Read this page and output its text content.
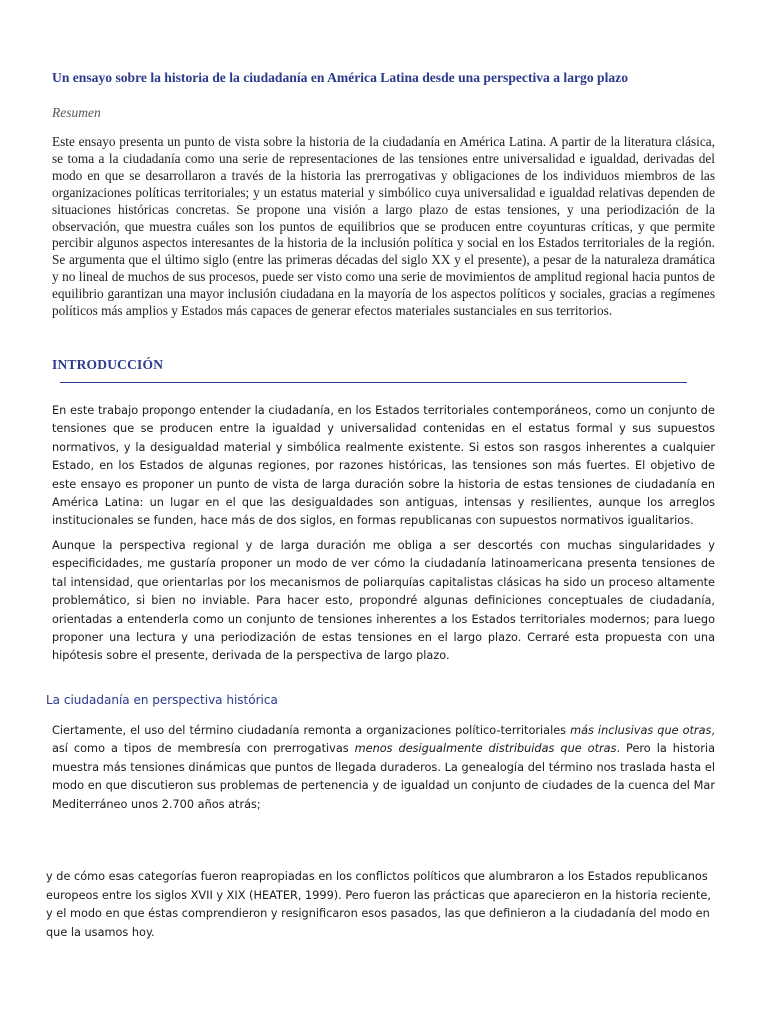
Un ensayo sobre la historia de la ciudadanía en América Latina desde una perspectiva a largo plazo
Resumen

Este ensayo presenta un punto de vista sobre la historia de la ciudadanía en América Latina. A partir de la literatura clásica, se toma a la ciudadanía como una serie de representaciones de las tensiones entre universalidad e igualdad, derivadas del modo en que se desarrollaron a través de la historia las prerrogativas y obligaciones de los individuos miembros de las organizaciones políticas territoriales; y un estatus material y simbólico cuya universalidad e igualdad relativas dependen de situaciones históricas concretas. Se propone una visión a largo plazo de estas tensiones, y una periodización de la observación, que muestra cuáles son los puntos de equilibrios que se producen entre coyunturas críticas, y que permite percibir algunos aspectos interesantes de la historia de la inclusión política y social en los Estados territoriales de la región. Se argumenta que el último siglo (entre las primeras décadas del siglo XX y el presente), a pesar de la naturaleza dramática y no lineal de muchos de sus procesos, puede ser visto como una serie de movimientos de amplitud regional hacia puntos de equilibrio garantizan una mayor inclusión ciudadana en la mayoría de los aspectos políticos y sociales, gracias a regímenes políticos más amplios y Estados más capaces de generar efectos materiales sustanciales en sus territorios.

INTRODUCCIÓN

En este trabajo propongo entender la ciudadanía, en los Estados territoriales contemporáneos, como un conjunto de tensiones que se producen entre la igualdad y universalidad contenidas en el estatus formal y sus supuestos normativos, y la desigualdad material y simbólica realmente existente. Si estos son rasgos inherentes a cualquier Estado, en los Estados de algunas regiones, por razones históricas, las tensiones son más fuertes. El objetivo de este ensayo es proponer un punto de vista de larga duración sobre la historia de estas tensiones de ciudadanía en América Latina: un lugar en el que las desigualdades son antiguas, intensas y resilientes, aunque los arreglos institucionales se funden, hace más de dos siglos, en formas republicanas con supuestos normativos igualitarios.

Aunque la perspectiva regional y de larga duración me obliga a ser descortés con muchas singularidades y especificidades, me gustaría proponer un modo de ver cómo la ciudadanía latinoamericana presenta tensiones de tal intensidad, que orientarlas por los mecanismos de poliarquías capitalistas clásicas ha sido un proceso altamente problemático, si bien no inviable. Para hacer esto, propondré algunas definiciones conceptuales de ciudadanía, orientadas a entenderla como un conjunto de tensiones inherentes a los Estados territoriales modernos; para luego proponer una lectura y una periodización de estas tensiones en el largo plazo. Cerraré esta propuesta con una hipótesis sobre el presente, derivada de la perspectiva de largo plazo.

La ciudadanía en perspectiva histórica

Ciertamente, el uso del término ciudadanía remonta a organizaciones político-territoriales más inclusivas que otras, así como a tipos de membresía con prerrogativas menos desigualmente distribuidas que otras. Pero la historia muestra más tensiones dinámicas que puntos de llegada duraderos. La genealogía del término nos traslada hasta el modo en que discutieron sus problemas de pertenencia y de igualdad un conjunto de ciudades de la cuenca del Mar Mediterráneo unos 2.700 años atrás;

y de cómo esas categorías fueron reapropiadas en los conflictos políticos que alumbraron a los Estados republicanos europeos entre los siglos XVII y XIX (HEATER, 1999). Pero fueron las prácticas que aparecieron en la historia reciente, y el modo en que éstas comprendieron y resignificaron esos pasados, las que definieron a la ciudadanía del modo en que la usamos hoy.
